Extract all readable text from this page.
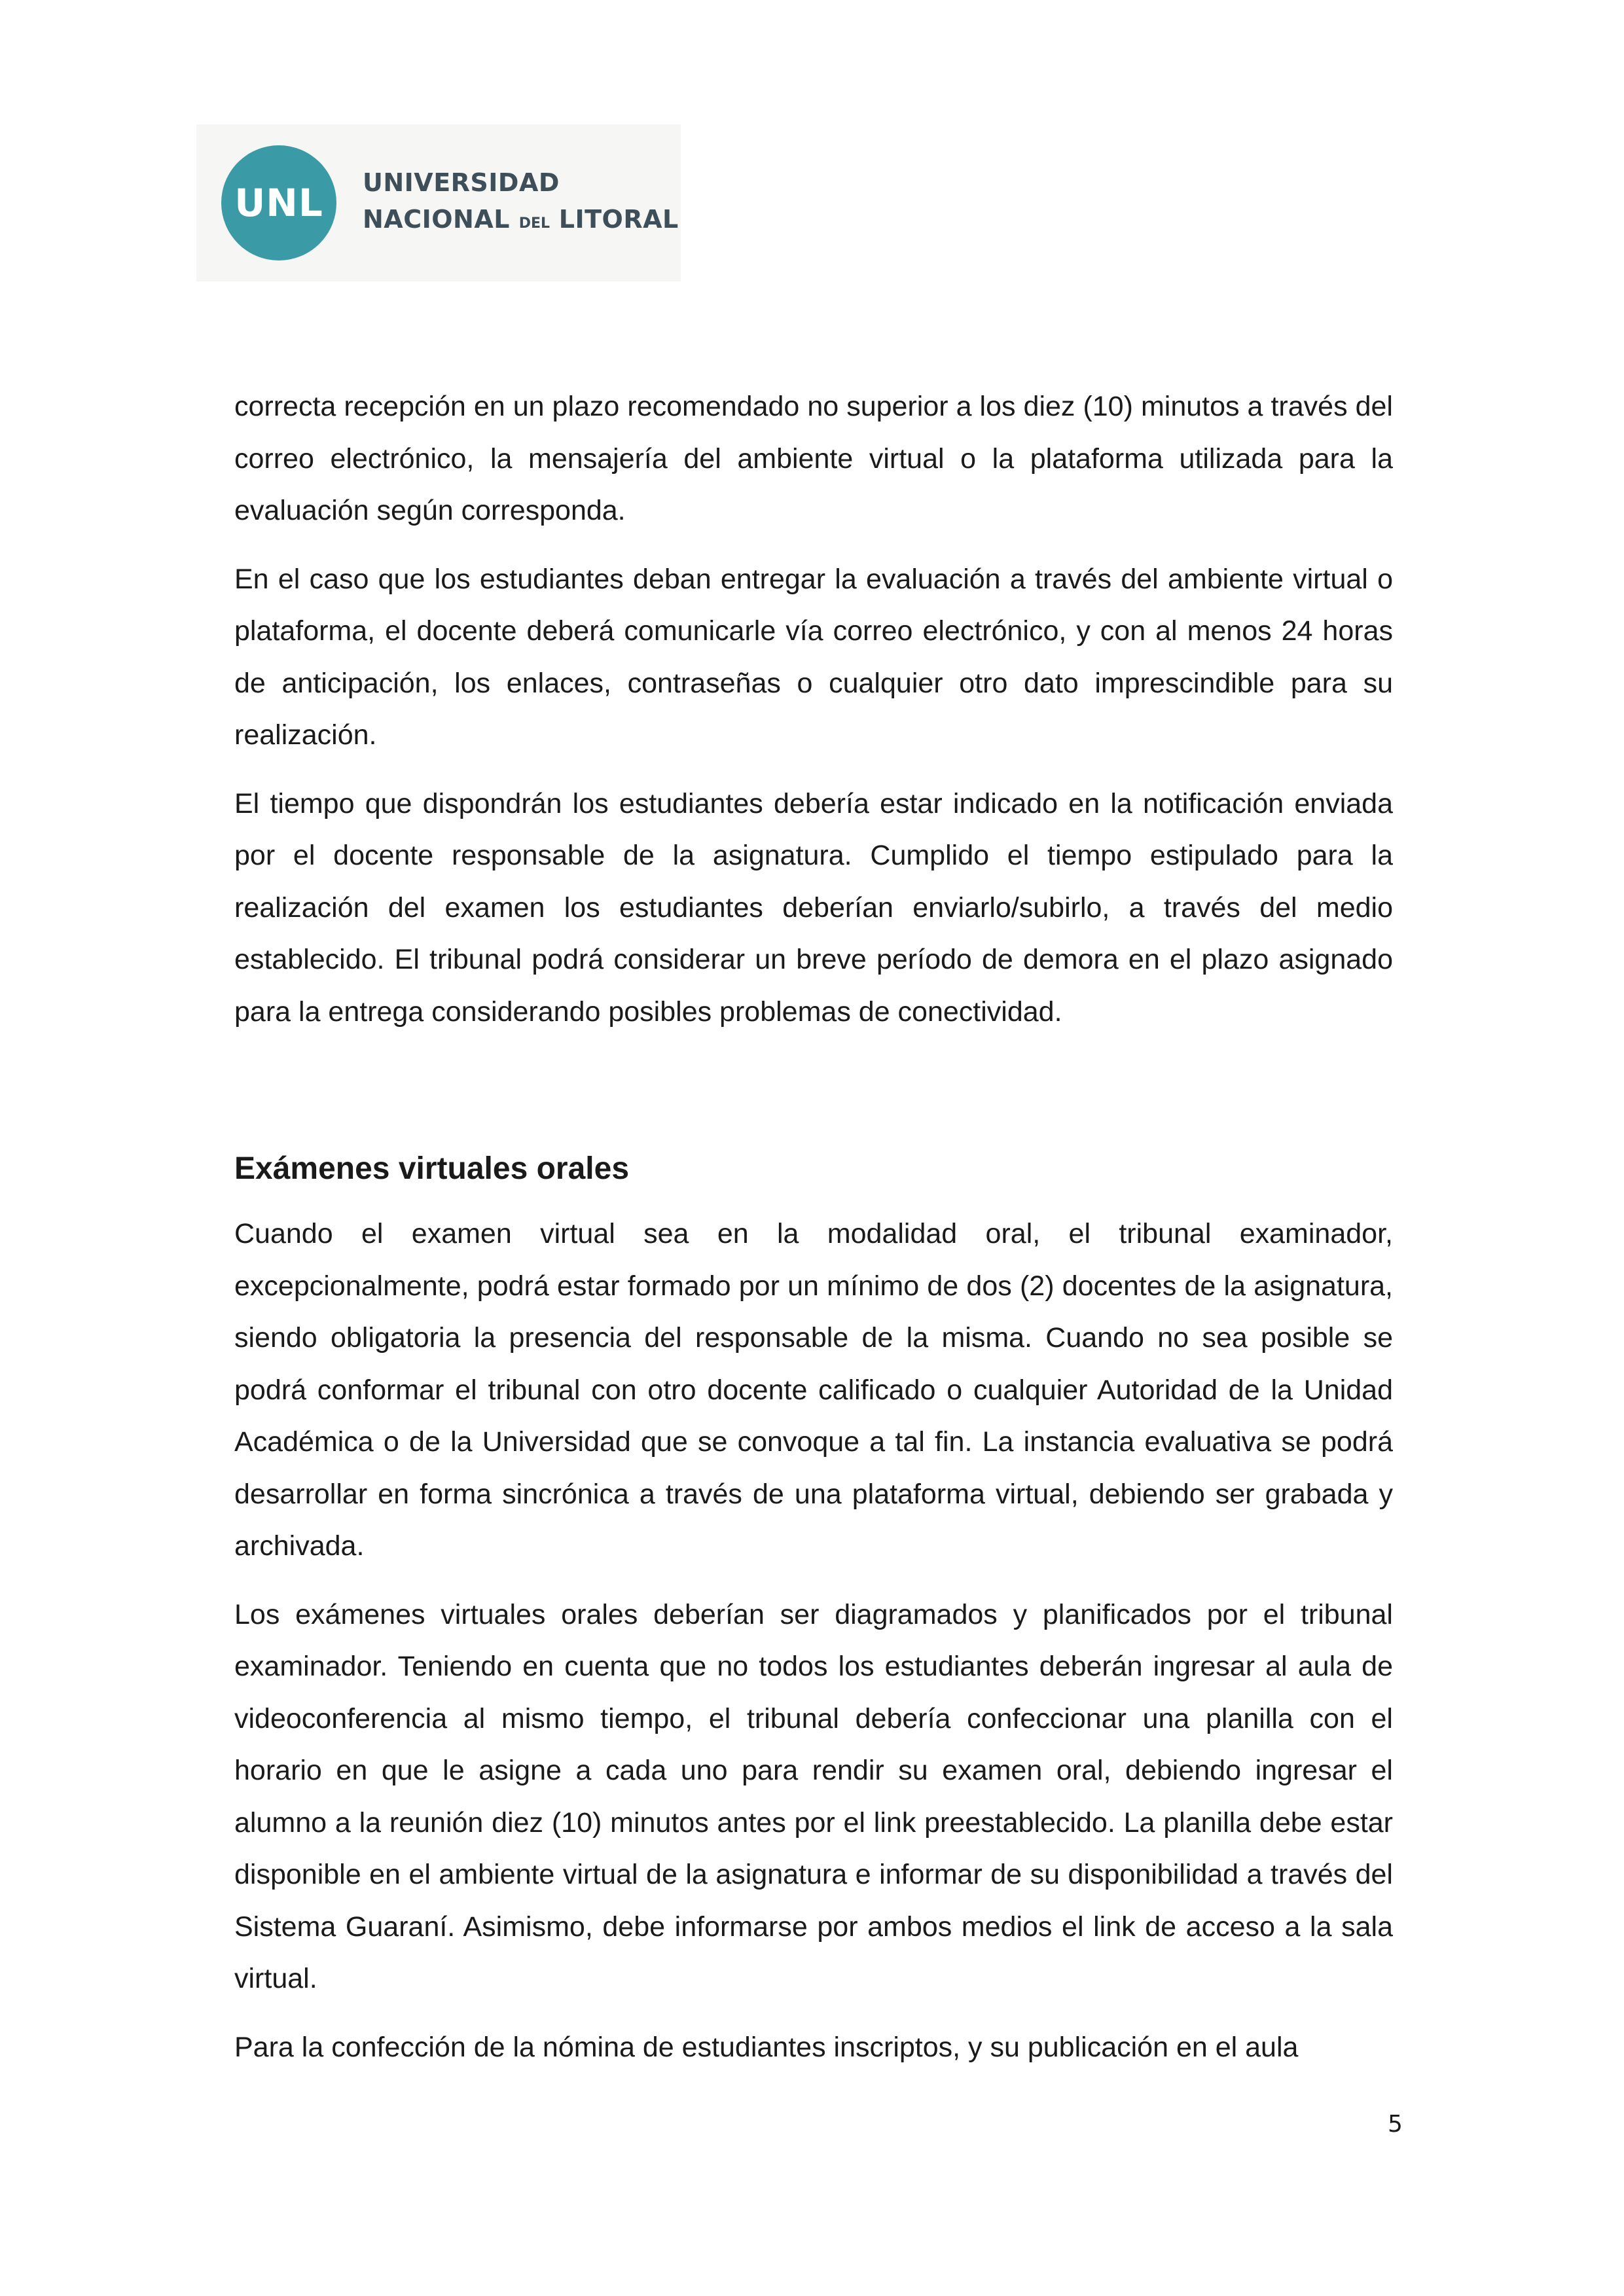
UNL UNIVERSIDAD
NACIONAL DEL LITORAL

correcta recepción en un plazo recomendado no superior a los diez (10) minutos a través del correo electrónico, la mensajería del ambiente virtual o la plataforma utilizada para la evaluación según corresponda.

En el caso que los estudiantes deban entregar la evaluación a través del ambiente virtual o plataforma, el docente deberá comunicarle vía correo electrónico, y con al menos 24 horas de anticipación, los enlaces, contraseñas o cualquier otro dato imprescindible para su realización.

El tiempo que dispondrán los estudiantes debería estar indicado en la notificación enviada por el docente responsable de la asignatura. Cumplido el tiempo estipulado para la realización del examen los estudiantes deberían enviarlo/subirlo, a través del medio establecido. El tribunal podrá considerar un breve período de demora en el plazo asignado para la entrega considerando posibles problemas de conectividad.

Exámenes virtuales orales

Cuando el examen virtual sea en la modalidad oral, el tribunal examinador, excepcionalmente, podrá estar formado por un mínimo de dos (2) docentes de la asignatura, siendo obligatoria la presencia del responsable de la misma. Cuando no sea posible se podrá conformar el tribunal con otro docente calificado o cualquier Autoridad de la Unidad Académica o de la Universidad que se convoque a tal fin. La instancia evaluativa se podrá desarrollar en forma sincrónica a través de una plataforma virtual, debiendo ser grabada y archivada.

Los exámenes virtuales orales deberían ser diagramados y planificados por el tribunal examinador. Teniendo en cuenta que no todos los estudiantes deberán ingresar al aula de videoconferencia al mismo tiempo, el tribunal debería confeccionar una planilla con el horario en que le asigne a cada uno para rendir su examen oral, debiendo ingresar el alumno a la reunión diez (10) minutos antes por el link preestablecido. La planilla debe estar disponible en el ambiente virtual de la asignatura e informar de su disponibilidad a través del Sistema Guaraní. Asimismo, debe informarse por ambos medios el link de acceso a la sala virtual.

Para la confección de la nómina de estudiantes inscriptos, y su publicación en el aula

5
